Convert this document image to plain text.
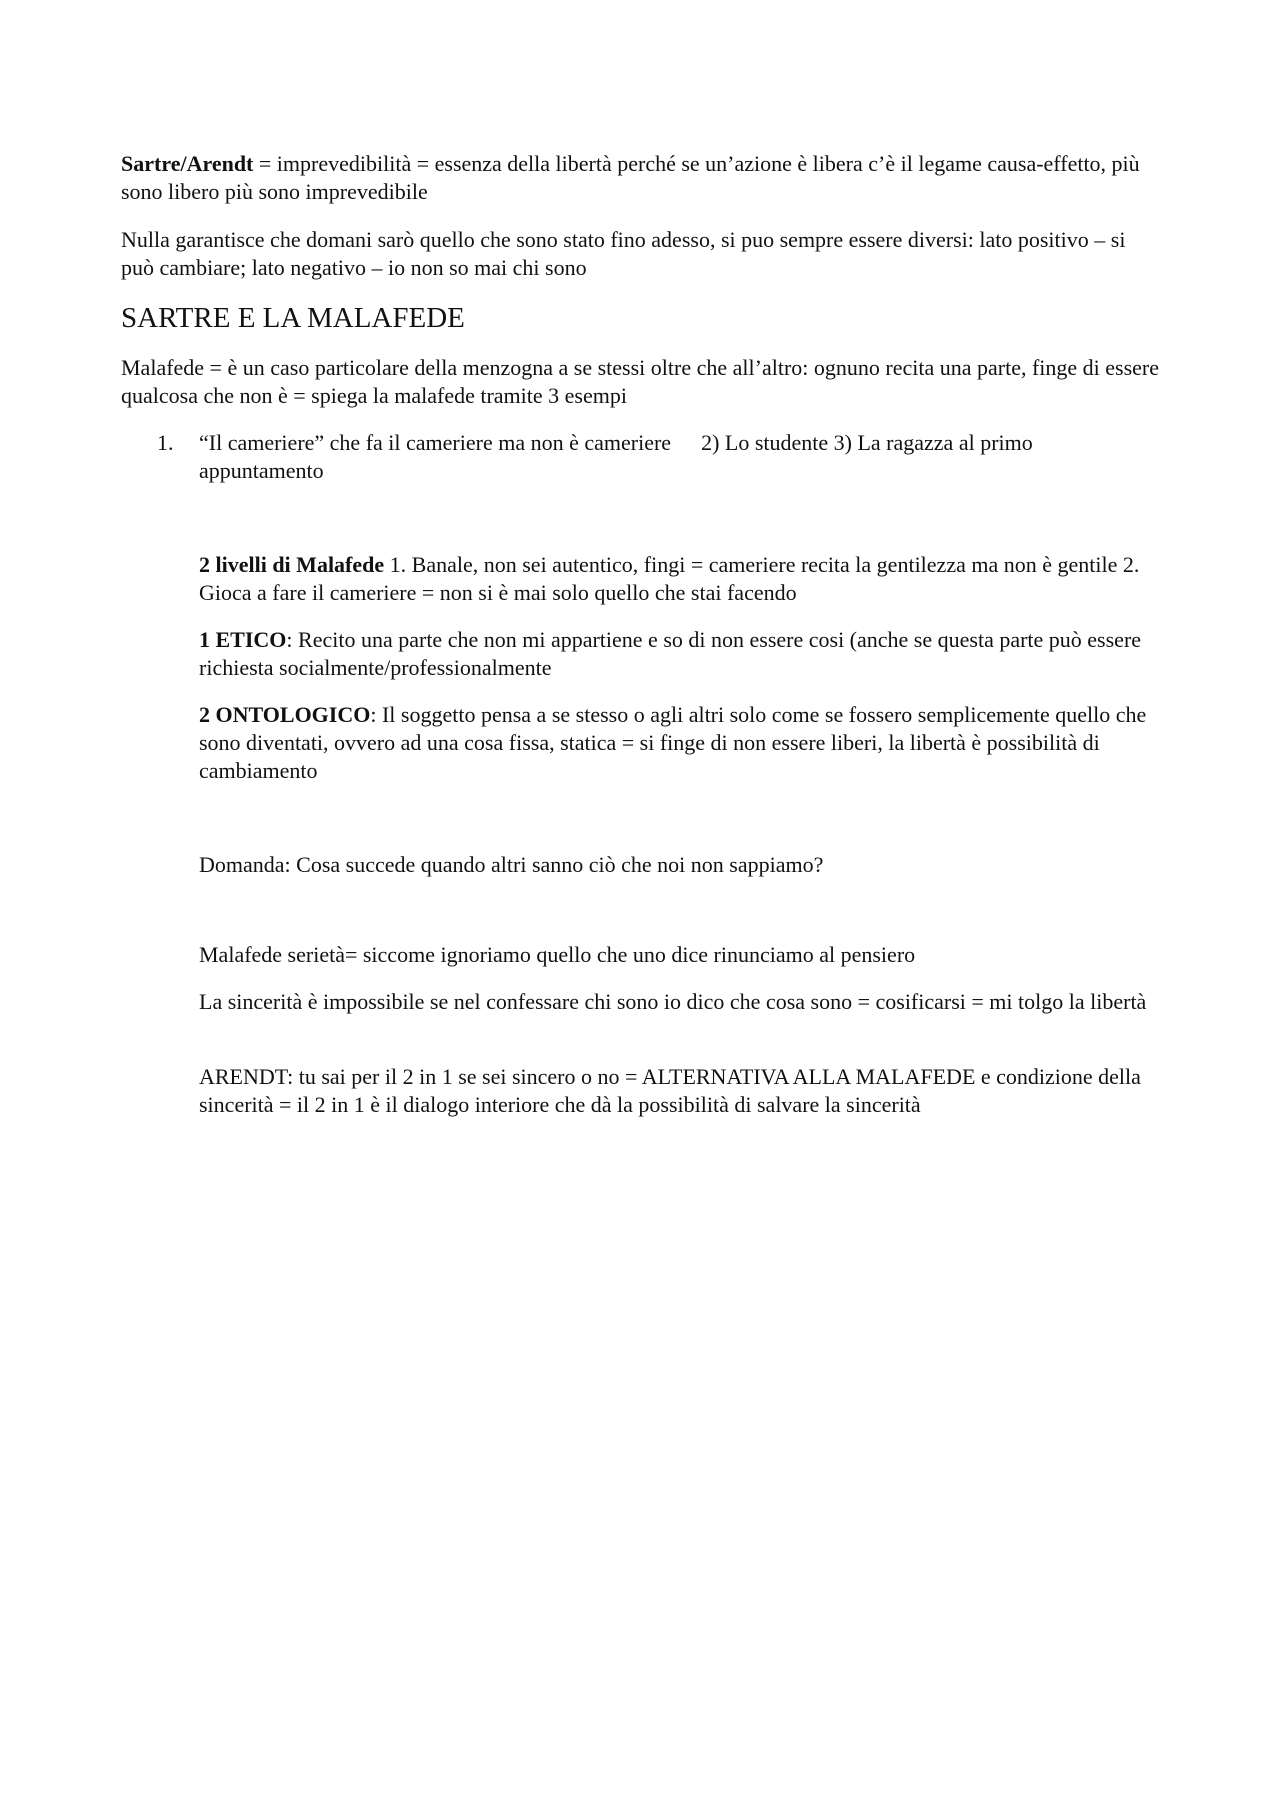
Sartre/Arendt = imprevedibilità = essenza della libertà perché se un’azione è libera c’è il legame causa-effetto, più sono libero più sono imprevedibile

Nulla garantisce che domani sarò quello che sono stato fino adesso, si puo sempre essere diversi: lato positivo – si può cambiare; lato negativo – io non so mai chi sono

SARTRE E LA MALAFEDE

Malafede = è un caso particolare della menzogna a se stessi oltre che all’altro: ognuno recita una parte, finge di essere qualcosa che non è = spiega la malafede tramite 3 esempi

1. “Il cameriere” che fa il cameriere ma non è cameriere 2) Lo studente 3) La ragazza al primo appuntamento

2 livelli di Malafede 1. Banale, non sei autentico, fingi = cameriere recita la gentilezza ma non è gentile 2. Gioca a fare il cameriere = non si è mai solo quello che stai facendo

1 ETICO: Recito una parte che non mi appartiene e so di non essere cosi (anche se questa parte può essere richiesta socialmente/professionalmente

2 ONTOLOGICO: Il soggetto pensa a se stesso o agli altri solo come se fossero semplicemente quello che sono diventati, ovvero ad una cosa fissa, statica = si finge di non essere liberi, la libertà è possibilità di cambiamento

Domanda: Cosa succede quando altri sanno ciò che noi non sappiamo?

Malafede serietà= siccome ignoriamo quello che uno dice rinunciamo al pensiero

La sincerità è impossibile se nel confessare chi sono io dico che cosa sono = cosificarsi = mi tolgo la libertà

ARENDT: tu sai per il 2 in 1 se sei sincero o no = ALTERNATIVA ALLA MALAFEDE e condizione della sincerità = il 2 in 1 è il dialogo interiore che dà la possibilità di salvare la sincerità
